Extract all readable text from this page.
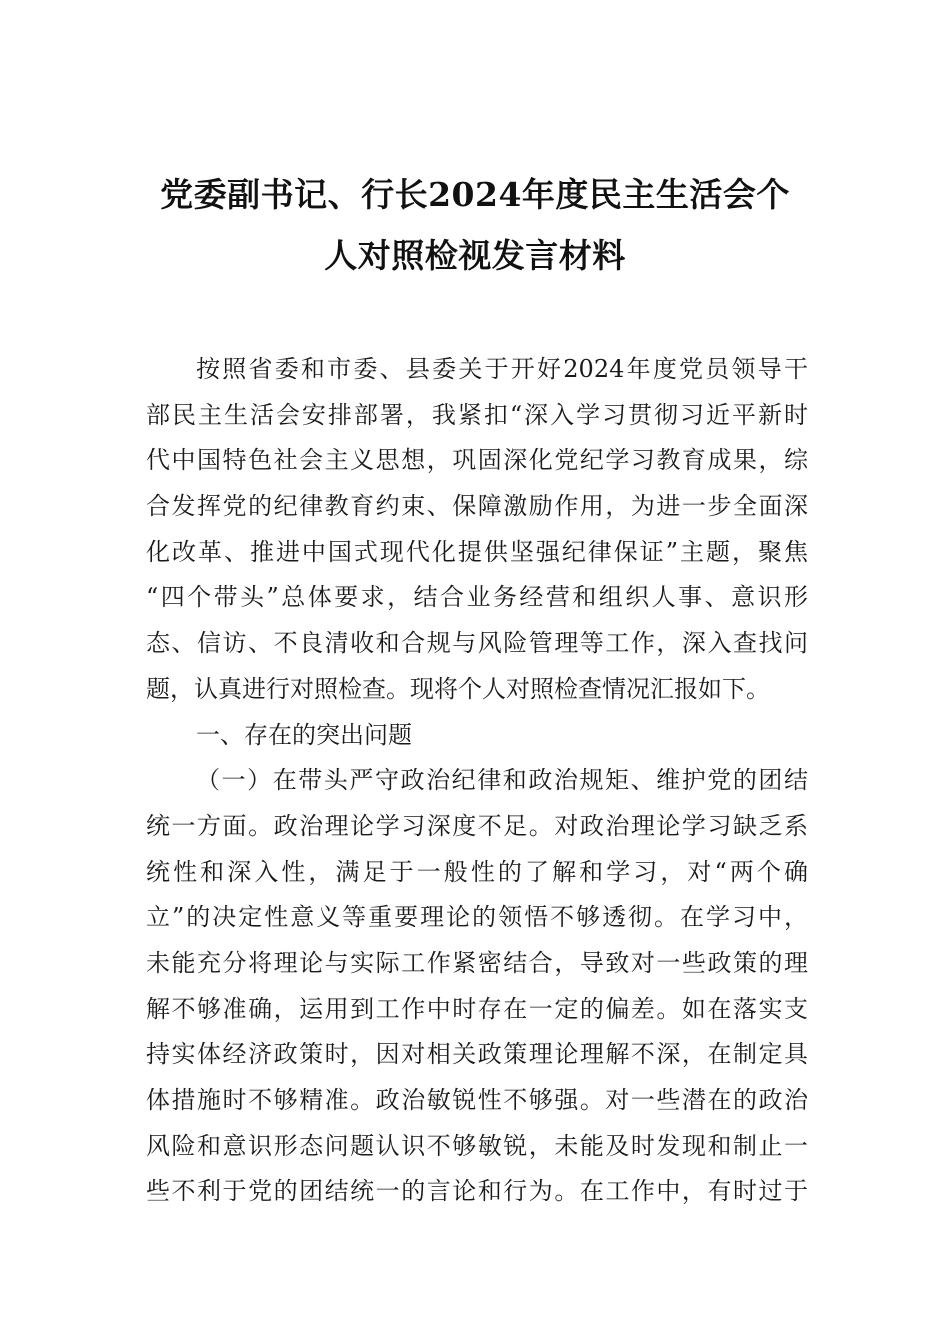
党委副书记、行长2024年度民主生活会个
人对照检视发言材料
按照省委和市委、县委关于开好2024年度党员领导干
部民主生活会安排部署，我紧扣“深入学习贯彻习近平新时
代中国特色社会主义思想，巩固深化党纪学习教育成果，综
合发挥党的纪律教育约束、保障激励作用，为进一步全面深
化改革、推进中国式现代化提供坚强纪律保证”主题，聚焦
“四个带头”总体要求，结合业务经营和组织人事、意识形
态、信访、不良清收和合规与风险管理等工作，深入查找问
题，认真进行对照检查。现将个人对照检查情况汇报如下。
一、存在的突出问题
（一）在带头严守政治纪律和政治规矩、维护党的团结
统一方面。政治理论学习深度不足。对政治理论学习缺乏系
统性和深入性，满足于一般性的了解和学习，对“两个确
立”的决定性意义等重要理论的领悟不够透彻。在学习中，
未能充分将理论与实际工作紧密结合，导致对一些政策的理
解不够准确，运用到工作中时存在一定的偏差。如在落实支
持实体经济政策时，因对相关政策理论理解不深，在制定具
体措施时不够精准。政治敏锐性不够强。对一些潜在的政治
风险和意识形态问题认识不够敏锐，未能及时发现和制止一
些不利于党的团结统一的言论和行为。在工作中，有时过于
